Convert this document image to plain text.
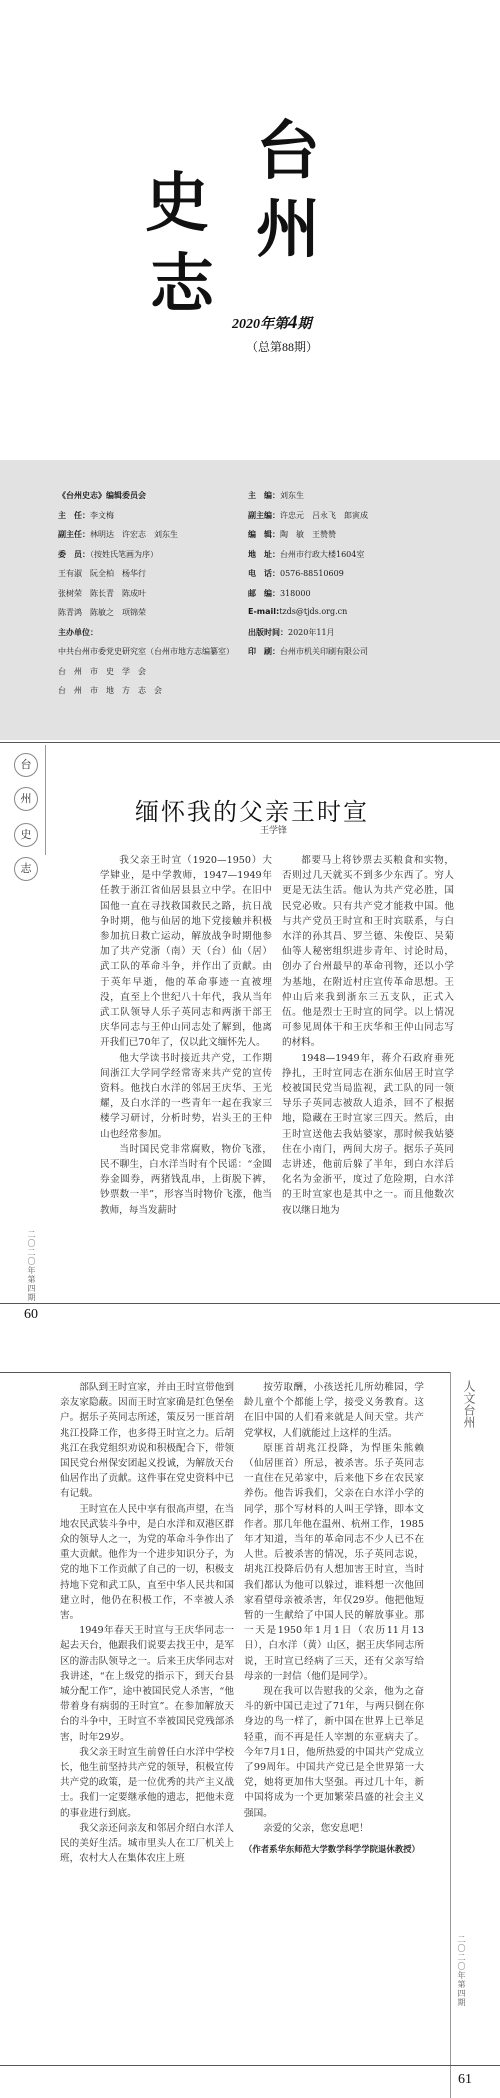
台
州
史
志
2020年第4期
（总第88期）
《台州史志》编辑委员会
主　任：李文梅
副主任：林明达　许宏志　刘东生
委　员：（按姓氏笔画为序）
王有淑　阮全柏　杨华行
张树荣　陈长青　陈成叶
陈青鸿　陈敏之　项锦荣
主办单位：
中共台州市委党史研究室（台州市地方志编纂室）
台　州　市　史　学　会
台　州　市　地　方　志　会
主　编：刘东生
副主编：许忠元　吕永飞　郎寅成
编　辑：陶　敏　王赞赞
地　址：台州市行政大楼1604室
电　话：0576-88510609
邮　编：318000
E-mail:tzds@tjds.org.cn
出版时间：2020年11月
印　刷：台州市机关印刷有限公司
台
州
史
志
缅怀我的父亲王时宣
王学锋
二〇二〇年第四期

我父亲王时宣（1920—1950）大学肄业，是中学教师，1947—1949年任教于浙江省仙居县县立中学。在旧中国他一直在寻找救国救民之路，抗日战争时期，他与仙居的地下党接触并积极参加抗日救亡运动，解放战争时期他参加了共产党浙（南）天（台）仙（居）武工队的革命斗争，并作出了贡献。由于英年早逝，他的革命事迹一直被埋没，直至上个世纪八十年代，我从当年武工队领导人乐子英同志和两浙干部王庆华同志与王仲山同志处了解到，他离开我们已70年了，仅以此文缅怀先人。

他大学读书时接近共产党，工作期间浙江大学同学经常寄来共产党的宣传资料。他找白水洋的邻居王庆华、王光耀，及白水洋的一些青年一起在我家三楼学习研讨，分析时势，岩头王的王仲山也经常参加。

当时国民党非常腐败，物价飞涨，民不聊生，白水洋当时有个民谣：“金圆券金圆券，两猪钱乱串，上街脱下裤，钞票数一半”，形容当时物价飞涨，他当教师，每当发薪时

都要马上将钞票去买粮食和实物，否则过几天就买不到多少东西了。穷人更是无法生活。他认为共产党必胜，国民党必败。只有共产党才能救中国。他与共产党员王时宣和王时宾联系，与白水洋的孙其昌、罗兰德、朱俊臣、吴菊仙等人秘密组织进步青年、讨论时局，创办了台州最早的革命刊物，还以小学为基地，在附近村庄宣传革命思想。王仲山后来我到浙东三五支队，正式入伍。他是烈士王时宣的同学。以上情况可参见周体干和王庆华和王仲山同志写的材料。

1948—1949年，蒋介石政府垂死挣扎，王时宣同志在浙东仙居王时宣学校被国民党当局监视，武工队的同一领导乐子英同志被敌人追杀，回不了根据地，隐藏在王时宣家三四天。然后，由王时宣送他去我姑婆家，那时候我姑婆住在小南门，两间大房子。据乐子英同志讲述，他前后躲了半年，到白水洋后化名为金浙平，度过了危险期，白水洋的王时宣家也是其中之一。而且他数次夜以继日地为

60
人文台州

部队到王时宣家，并由王时宣带他到亲友家隐蔽。因而王时宣家确是红色堡垒户。据乐子英同志所述，策反另一匪首胡兆江投降工作，也多得王时宣之力。后胡兆江在我党组织劝说和积极配合下，带领国民党台州保安团起义投诚，为解放天台仙居作出了贡献。这件事在党史资料中已有记载。

王时宣在人民中享有很高声望，在当地农民武装斗争中，是白水洋和双港区群众的领导人之一，为党的革命斗争作出了重大贡献。他作为一个进步知识分子，为党的地下工作贡献了自己的一切，积极支持地下党和武工队，直至中华人民共和国建立时，他仍在积极工作，不幸被人杀害。

1949年春天王时宣与王庆华同志一起去天台，他跟我们说要去找王中，是军区的游击队领导之一。后来王庆华同志对我讲述，“在上级党的指示下，到天台县城分配工作”，途中被国民党人杀害，“他带着身有病弱的王时宣”。在参加解放天台的斗争中，王时宣不幸被国民党残部杀害，时年29岁。

我父亲王时宣生前曾任白水洋中学校长，他生前坚持共产党的领导，积极宣传共产党的政策，是一位优秀的共产主义战士。我们一定要继承他的遗志，把他未竟的事业进行到底。

我父亲还问亲友和邻居介绍白水洋人民的美好生活。城市里头人在工厂机关上班，农村大人在集体农庄上班

按劳取酬，小孩送托儿所幼稚园，学龄儿童个个都能上学，接受义务教育。这在旧中国的人们看来就是人间天堂。共产党掌权，人们就能过上这样的生活。

原匪首胡兆江投降，为悍匪朱熊赖（仙居匪首）所忌，被杀害。乐子英同志一直住在兄弟家中，后来他下乡在农民家养伤。他告诉我们，父亲在白水洋小学的同学，那个写材料的人叫王学锋，即本文作者。那几年他在温州、杭州工作，1985年才知道，当年的革命同志不少人已不在人世。后被杀害的情况，乐子英同志说，胡兆江投降后仍有人想加害王时宣，当时我们都认为他可以躲过，谁料想一次他回家看望母亲被杀害，年仅29岁。他把他短暂的一生献给了中国人民的解放事业。那一天是1950年1月1日（农历11月13日），白水洋（黄）山区，据王庆华同志所说，王时宣已经病了三天，还有父亲写给母亲的一封信（他们是同学）。

现在我可以告慰我的父亲，他为之奋斗的新中国已走过了71年，与两只倒在你身边的鸟一样了，新中国在世界上已举足轻重，而不再是任人宰割的东亚病夫了。今年7月1日，他所热爱的中国共产党成立了99周年。中国共产党已是全世界第一大党，她将更加伟大坚强。再过几十年，新中国将成为一个更加繁荣昌盛的社会主义强国。

亲爱的父亲，您安息吧！

（作者系华东师范大学数学科学学院退休教授）

二〇二〇年第四期
61
